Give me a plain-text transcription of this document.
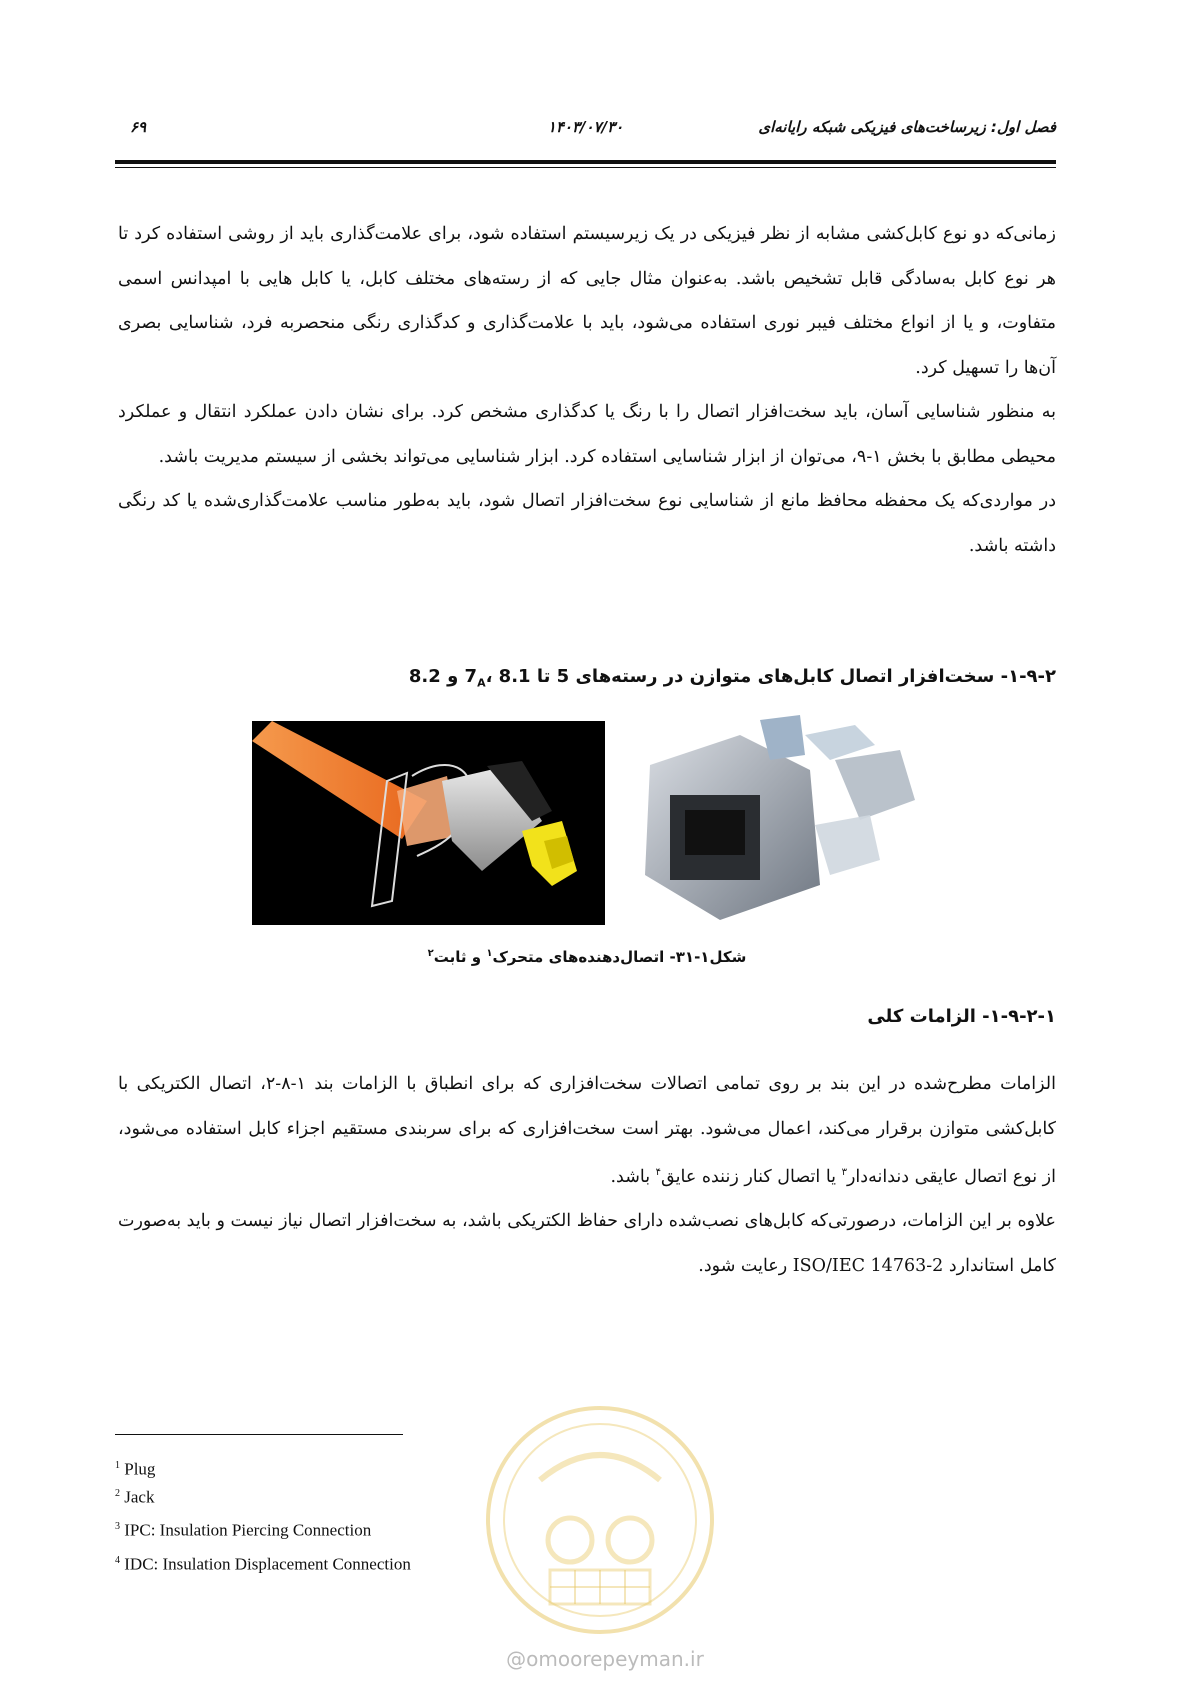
فصل اول: زیرساخت‌های فیزیکی شبکه رایانه‌ای
۱۴۰۳/۰۷/۳۰
۶۹

زمانی‌که دو نوع کابل‌کشی مشابه از نظر فیزیکی در یک زیرسیستم استفاده شود، برای علامت‌گذاری باید از روشی استفاده کرد تا هر نوع کابل به‌سادگی قابل تشخیص باشد. به‌عنوان مثال جایی که از رسته‌های مختلف کابل، یا کابل هایی با امپدانس اسمی متفاوت، و یا از انواع مختلف فیبر نوری استفاده می‌شود، باید با علامت‌گذاری و کدگذاری رنگی منحصربه فرد، شناسایی بصری آن‌ها را تسهیل کرد.

به منظور شناسایی آسان، باید سخت‌افزار اتصال را با رنگ یا کدگذاری مشخص کرد. برای نشان دادن عملکرد انتقال و عملکرد محیطی مطابق با بخش ۱-۹، می‌توان از ابزار شناسایی استفاده کرد. ابزار شناسایی می‌تواند بخشی از سیستم مدیریت باشد.

در مواردی‌که یک محفظه محافظ مانع از شناسایی نوع سخت‌افزار اتصال شود، باید به‌طور مناسب علامت‌گذاری‌شده یا کد رنگی داشته باشد.

۱-۹-۲- سخت‌افزار اتصال کابل‌های متوازن در رسته‌های 5 تا $7_A،$ 8.1 و 8.2
شکل۱-۳۱- اتصال‌دهنده‌های متحرک$^۱$ و ثابت$^۲$
۱-۹-۲-۱- الزامات کلی

الزامات مطرح‌شده در این بند بر روی تمامی اتصالات سخت‌افزاری که برای انطباق با الزامات بند ۱-۸-۲، اتصال الکتریکی با کابل‌کشی متوازن برقرار می‌کند، اعمال می‌شود. بهتر است سخت‌افزاری که برای سربندی مستقیم اجزاء کابل استفاده می‌شود، از نوع اتصال عایقی دندانه‌دار$^۳$ یا اتصال کنار زننده عایق$^۴$ باشد.

علاوه بر این الزامات، درصورتی‌که کابل‌های نصب‌شده دارای حفاظ الکتریکی باشد، به سخت‌افزار اتصال نیاز نیست و باید به‌صورت کامل استاندارد ISO/IEC 14763-2 رعایت شود.

$^1$ Plug
$^2$ Jack
$^3$ IPC: Insulation Piercing Connection
$^4$ IDC: Insulation Displacement Connection
@omoorepeyman.ir
